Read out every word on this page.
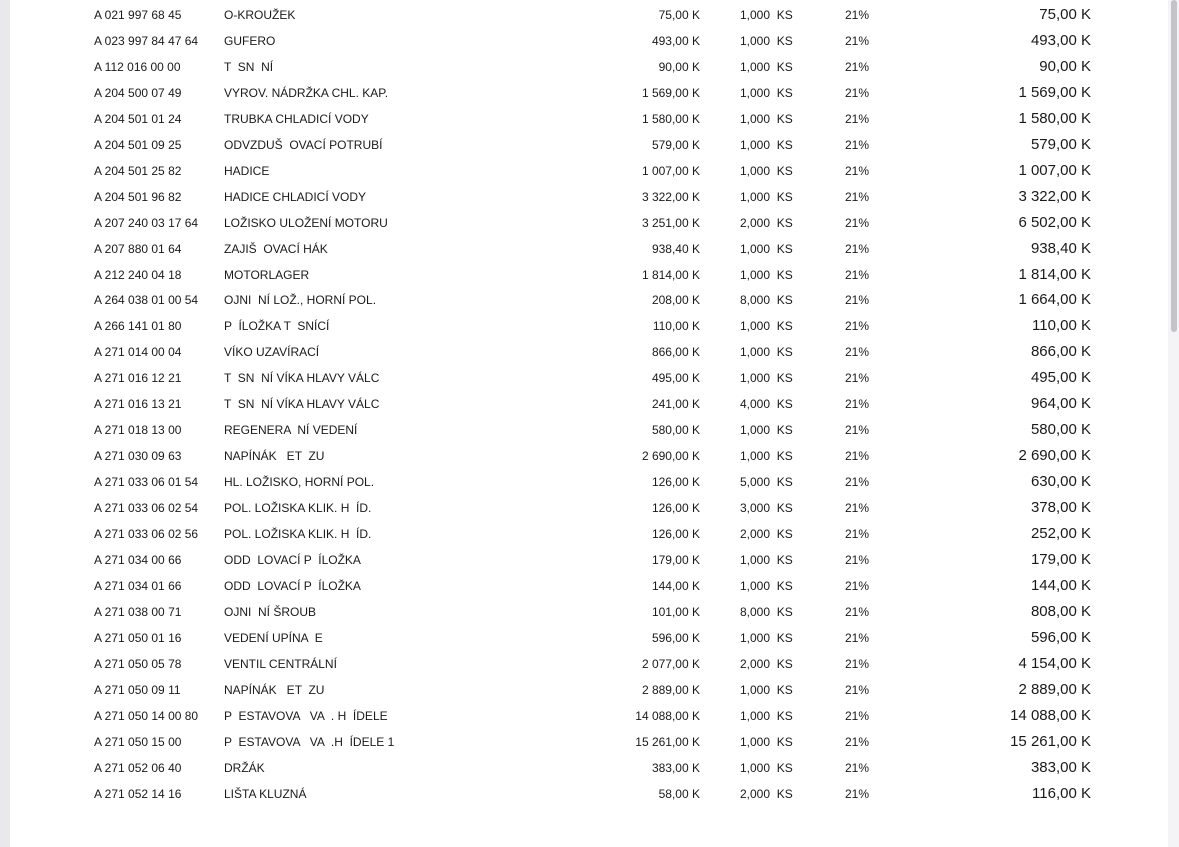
A 021 997 68 45	O-KROUŽEK	75,00 K	1,000  KS	21%	75,00 K
A 023 997 84 47 64 GUFERO	493,00 K	1,000  KS	21%	493,00 K
A 112 016 00 00	T  SN  NÍ	90,00 K	1,000  KS	21%	90,00 K
A 204 500 07 49	VYROV. NÁDRŽKA CHL. KAP.	1 569,00 K	1,000  KS	21%	1 569,00 K
A 204 501 01 24	TRUBKA CHLADICÍ VODY	1 580,00 K	1,000  KS	21%	1 580,00 K
A 204 501 09 25	ODVZDUŠ  OVACÍ POTRUBÍ	579,00 K	1,000  KS	21%	579,00 K
A 204 501 25 82	HADICE	1 007,00 K	1,000  KS	21%	1 007,00 K
A 204 501 96 82	HADICE CHLADICÍ VODY	3 322,00 K	1,000  KS	21%	3 322,00 K
A 207 240 03 17 64 LOŽISKO ULOŽENÍ MOTORU	3 251,00 K	2,000  KS	21%	6 502,00 K
A 207 880 01 64	ZAJIŠ  OVACÍ HÁK	938,40 K	1,000  KS	21%	938,40 K
A 212 240 04 18	MOTORLAGER	1 814,00 K	1,000  KS	21%	1 814,00 K
A 264 038 01 00 54 OJNI  NÍ LOŽ., HORNÍ POL.	208,00 K	8,000  KS	21%	1 664,00 K
A 266 141 01 80	P  ÍLOŽKA T  SNÍCÍ	110,00 K	1,000  KS	21%	110,00 K
A 271 014 00 04	VÍKO UZAVÍRACÍ	866,00 K	1,000  KS	21%	866,00 K
A 271 016 12 21	T  SN  NÍ VÍKA HLAVY VÁLC	495,00 K	1,000  KS	21%	495,00 K
A 271 016 13 21	T  SN  NÍ VÍKA HLAVY VÁLC	241,00 K	4,000  KS	21%	964,00 K
A 271 018 13 00	REGENERA  NÍ VEDENÍ	580,00 K	1,000  KS	21%	580,00 K
A 271 030 09 63	NAPÍNÁK   ET  ZU	2 690,00 K	1,000  KS	21%	2 690,00 K
A 271 033 06 01 54 HL. LOŽISKO, HORNÍ POL.	126,00 K	5,000  KS	21%	630,00 K
A 271 033 06 02 54 POL. LOŽISKA KLIK. H  ÍD.	126,00 K	3,000  KS	21%	378,00 K
A 271 033 06 02 56 POL. LOŽISKA KLIK. H  ÍD.	126,00 K	2,000  KS	21%	252,00 K
A 271 034 00 66	ODD  LOVACÍ P  ÍLOŽKA	179,00 K	1,000  KS	21%	179,00 K
A 271 034 01 66	ODD  LOVACÍ P  ÍLOŽKA	144,00 K	1,000  KS	21%	144,00 K
A 271 038 00 71	OJNI  NÍ ŠROUB	101,00 K	8,000  KS	21%	808,00 K
A 271 050 01 16	VEDENÍ UPÍNA  E	596,00 K	1,000  KS	21%	596,00 K
A 271 050 05 78	VENTIL CENTRÁLNÍ	2 077,00 K	2,000  KS	21%	4 154,00 K
A 271 050 09 11	NAPÍNÁK   ET  ZU	2 889,00 K	1,000  KS	21%	2 889,00 K
A 271 050 14 00 80 P  ESTAVOVA   VA  . H  ÍDELE	14 088,00 K	1,000  KS	21%	14 088,00 K
A 271 050 15 00	P  ESTAVOVA   VA  .H  ÍDELE 1	15 261,00 K	1,000  KS	21%	15 261,00 K
A 271 052 06 40	DRŽÁK	383,00 K	1,000  KS	21%	383,00 K
A 271 052 14 16	LIŠTA KLUZNÁ	58,00 K	2,000  KS	21%	116,00 K
